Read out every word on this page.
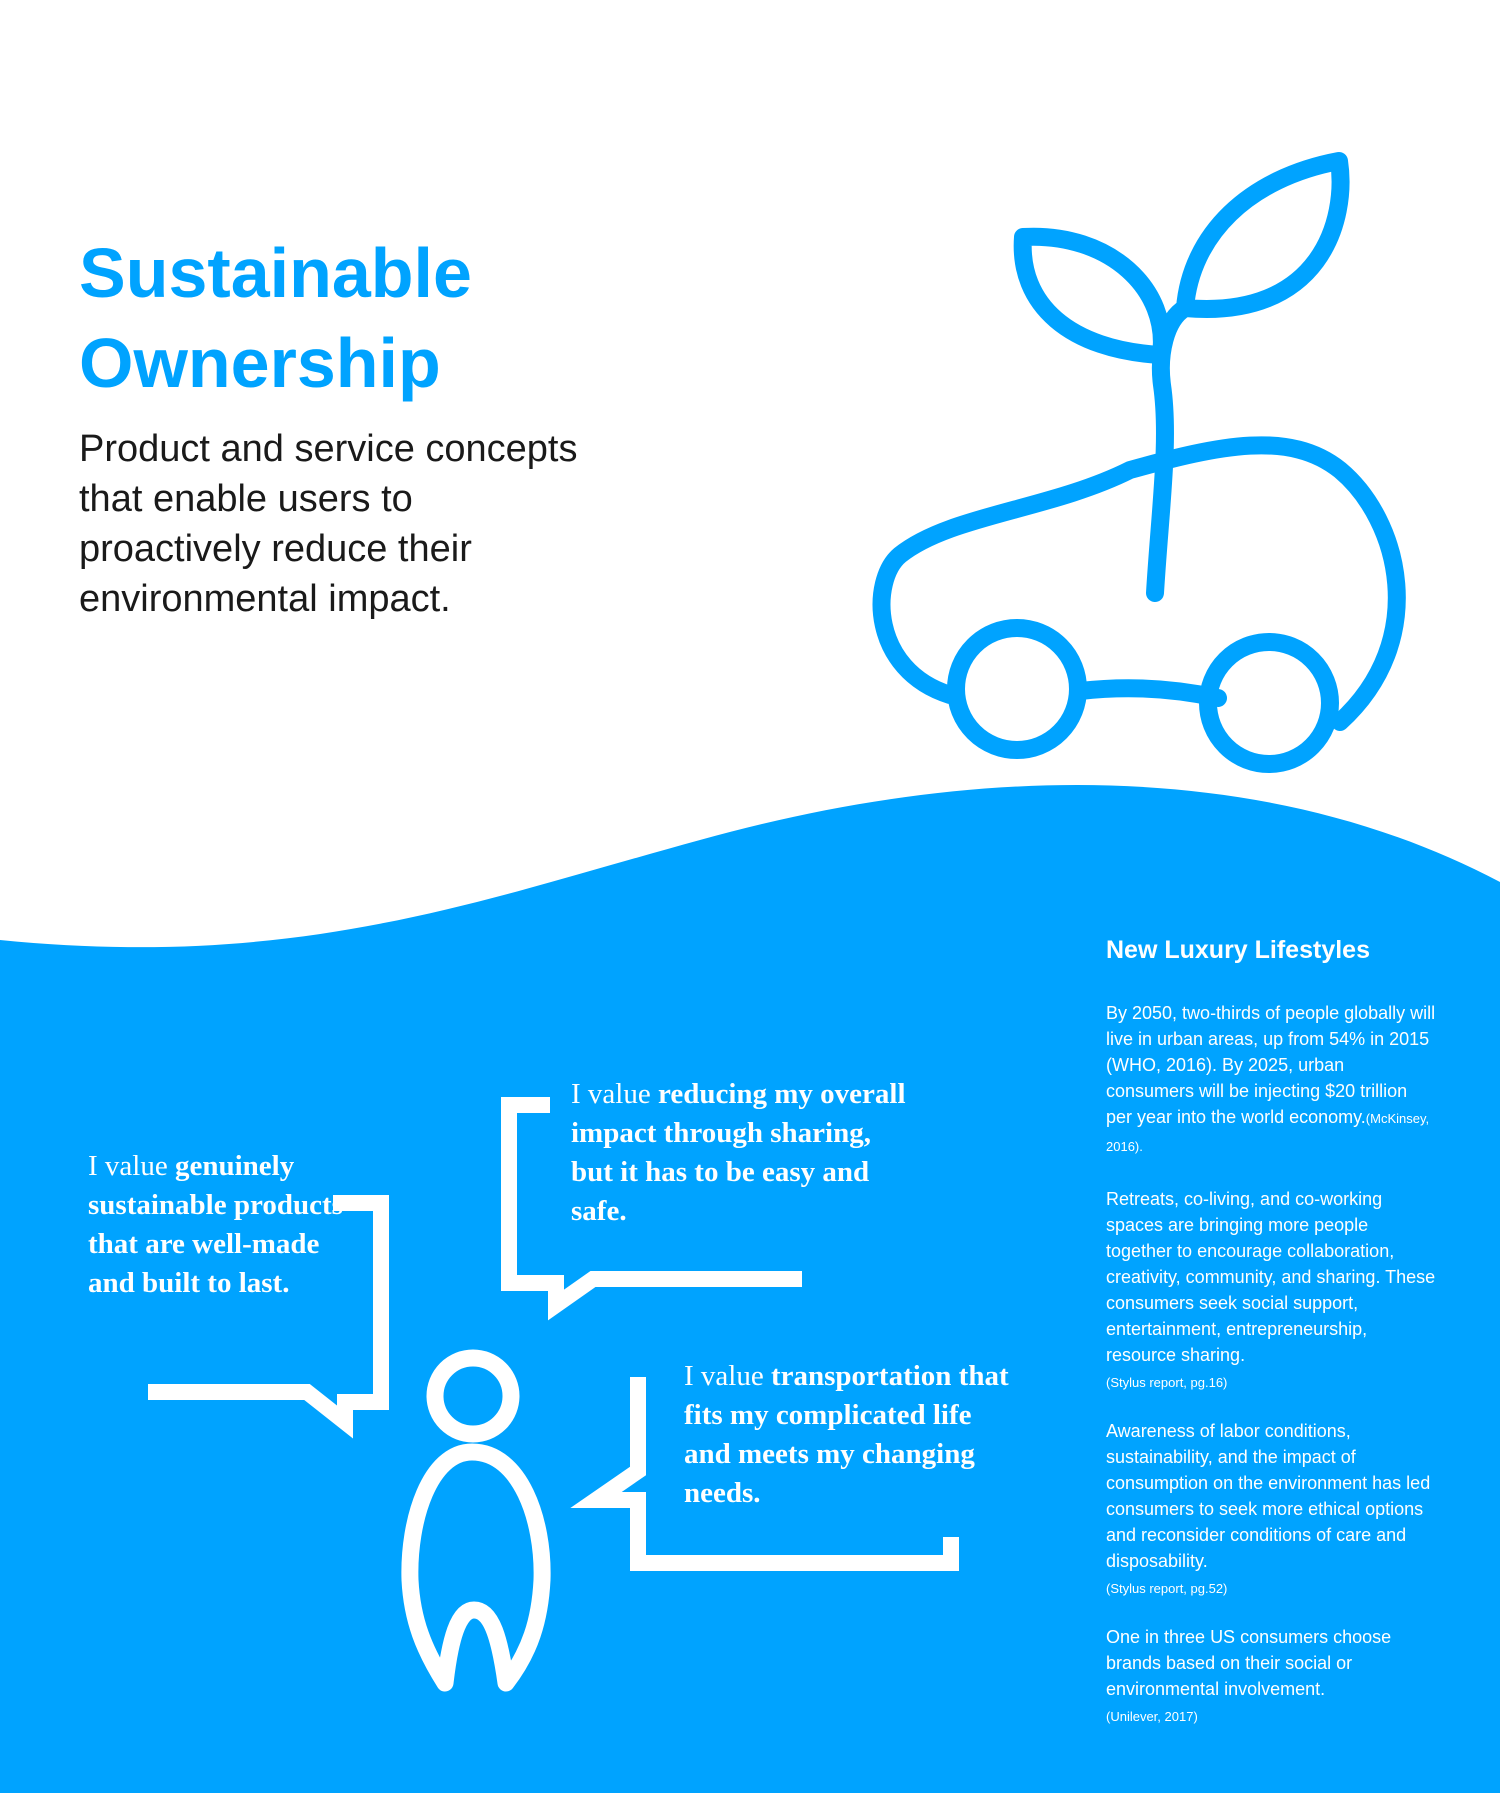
Sustainable
Ownership
Product and service concepts that enable users to proactively reduce their environmental impact.
I value genuinely sustainable products that are well-made and built to last.
I value reducing my overall impact through sharing, but it has to be easy and safe.
I value transportation that fits my complicated life and meets my changing needs.
New Luxury Lifestyles
By 2050, two-thirds of people globally will live in urban areas, up from 54% in 2015 (WHO, 2016). By 2025, urban consumers will be injecting $20 trillion per year into the world economy.(McKinsey, 2016).
Retreats, co-living, and co-working spaces are bringing more people together to encourage collaboration, creativity, community, and sharing. These consumers seek social support, entertainment, entrepreneurship, resource sharing.
(Stylus report, pg.16)
Awareness of labor conditions, sustainability, and the impact of consumption on the environment has led consumers to seek more ethical options and reconsider conditions of care and disposability.
(Stylus report, pg.52)
One in three US consumers choose brands based on their social or environmental involvement.
(Unilever, 2017)
